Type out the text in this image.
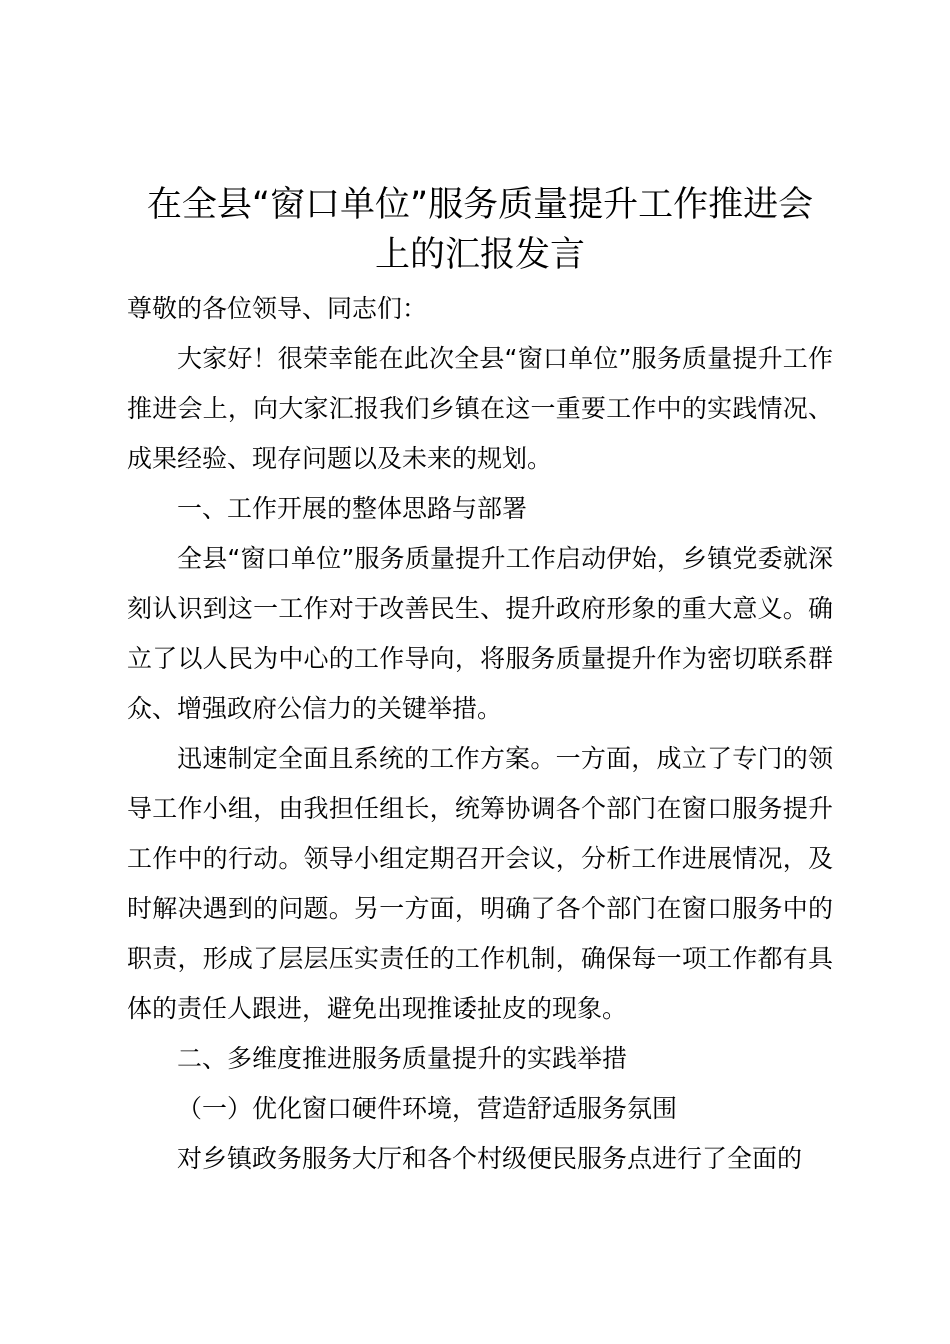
在全县“窗口单位”服务质量提升工作推进会
上的汇报发言

尊敬的各位领导、同志们：

大家好！很荣幸能在此次全县“窗口单位”服务质量提升工作推进会上，向大家汇报我们乡镇在这一重要工作中的实践情况、成果经验、现存问题以及未来的规划。

一、工作开展的整体思路与部署

全县“窗口单位”服务质量提升工作启动伊始，乡镇党委就深刻认识到这一工作对于改善民生、提升政府形象的重大意义。确立了以人民为中心的工作导向，将服务质量提升作为密切联系群众、增强政府公信力的关键举措。

迅速制定全面且系统的工作方案。一方面，成立了专门的领导工作小组，由我担任组长，统筹协调各个部门在窗口服务提升工作中的行动。领导小组定期召开会议，分析工作进展情况，及时解决遇到的问题。另一方面，明确了各个部门在窗口服务中的职责，形成了层层压实责任的工作机制，确保每一项工作都有具体的责任人跟进，避免出现推诿扯皮的现象。

二、多维度推进服务质量提升的实践举措

（一）优化窗口硬件环境，营造舒适服务氛围

对乡镇政务服务大厅和各个村级便民服务点进行了全面的
